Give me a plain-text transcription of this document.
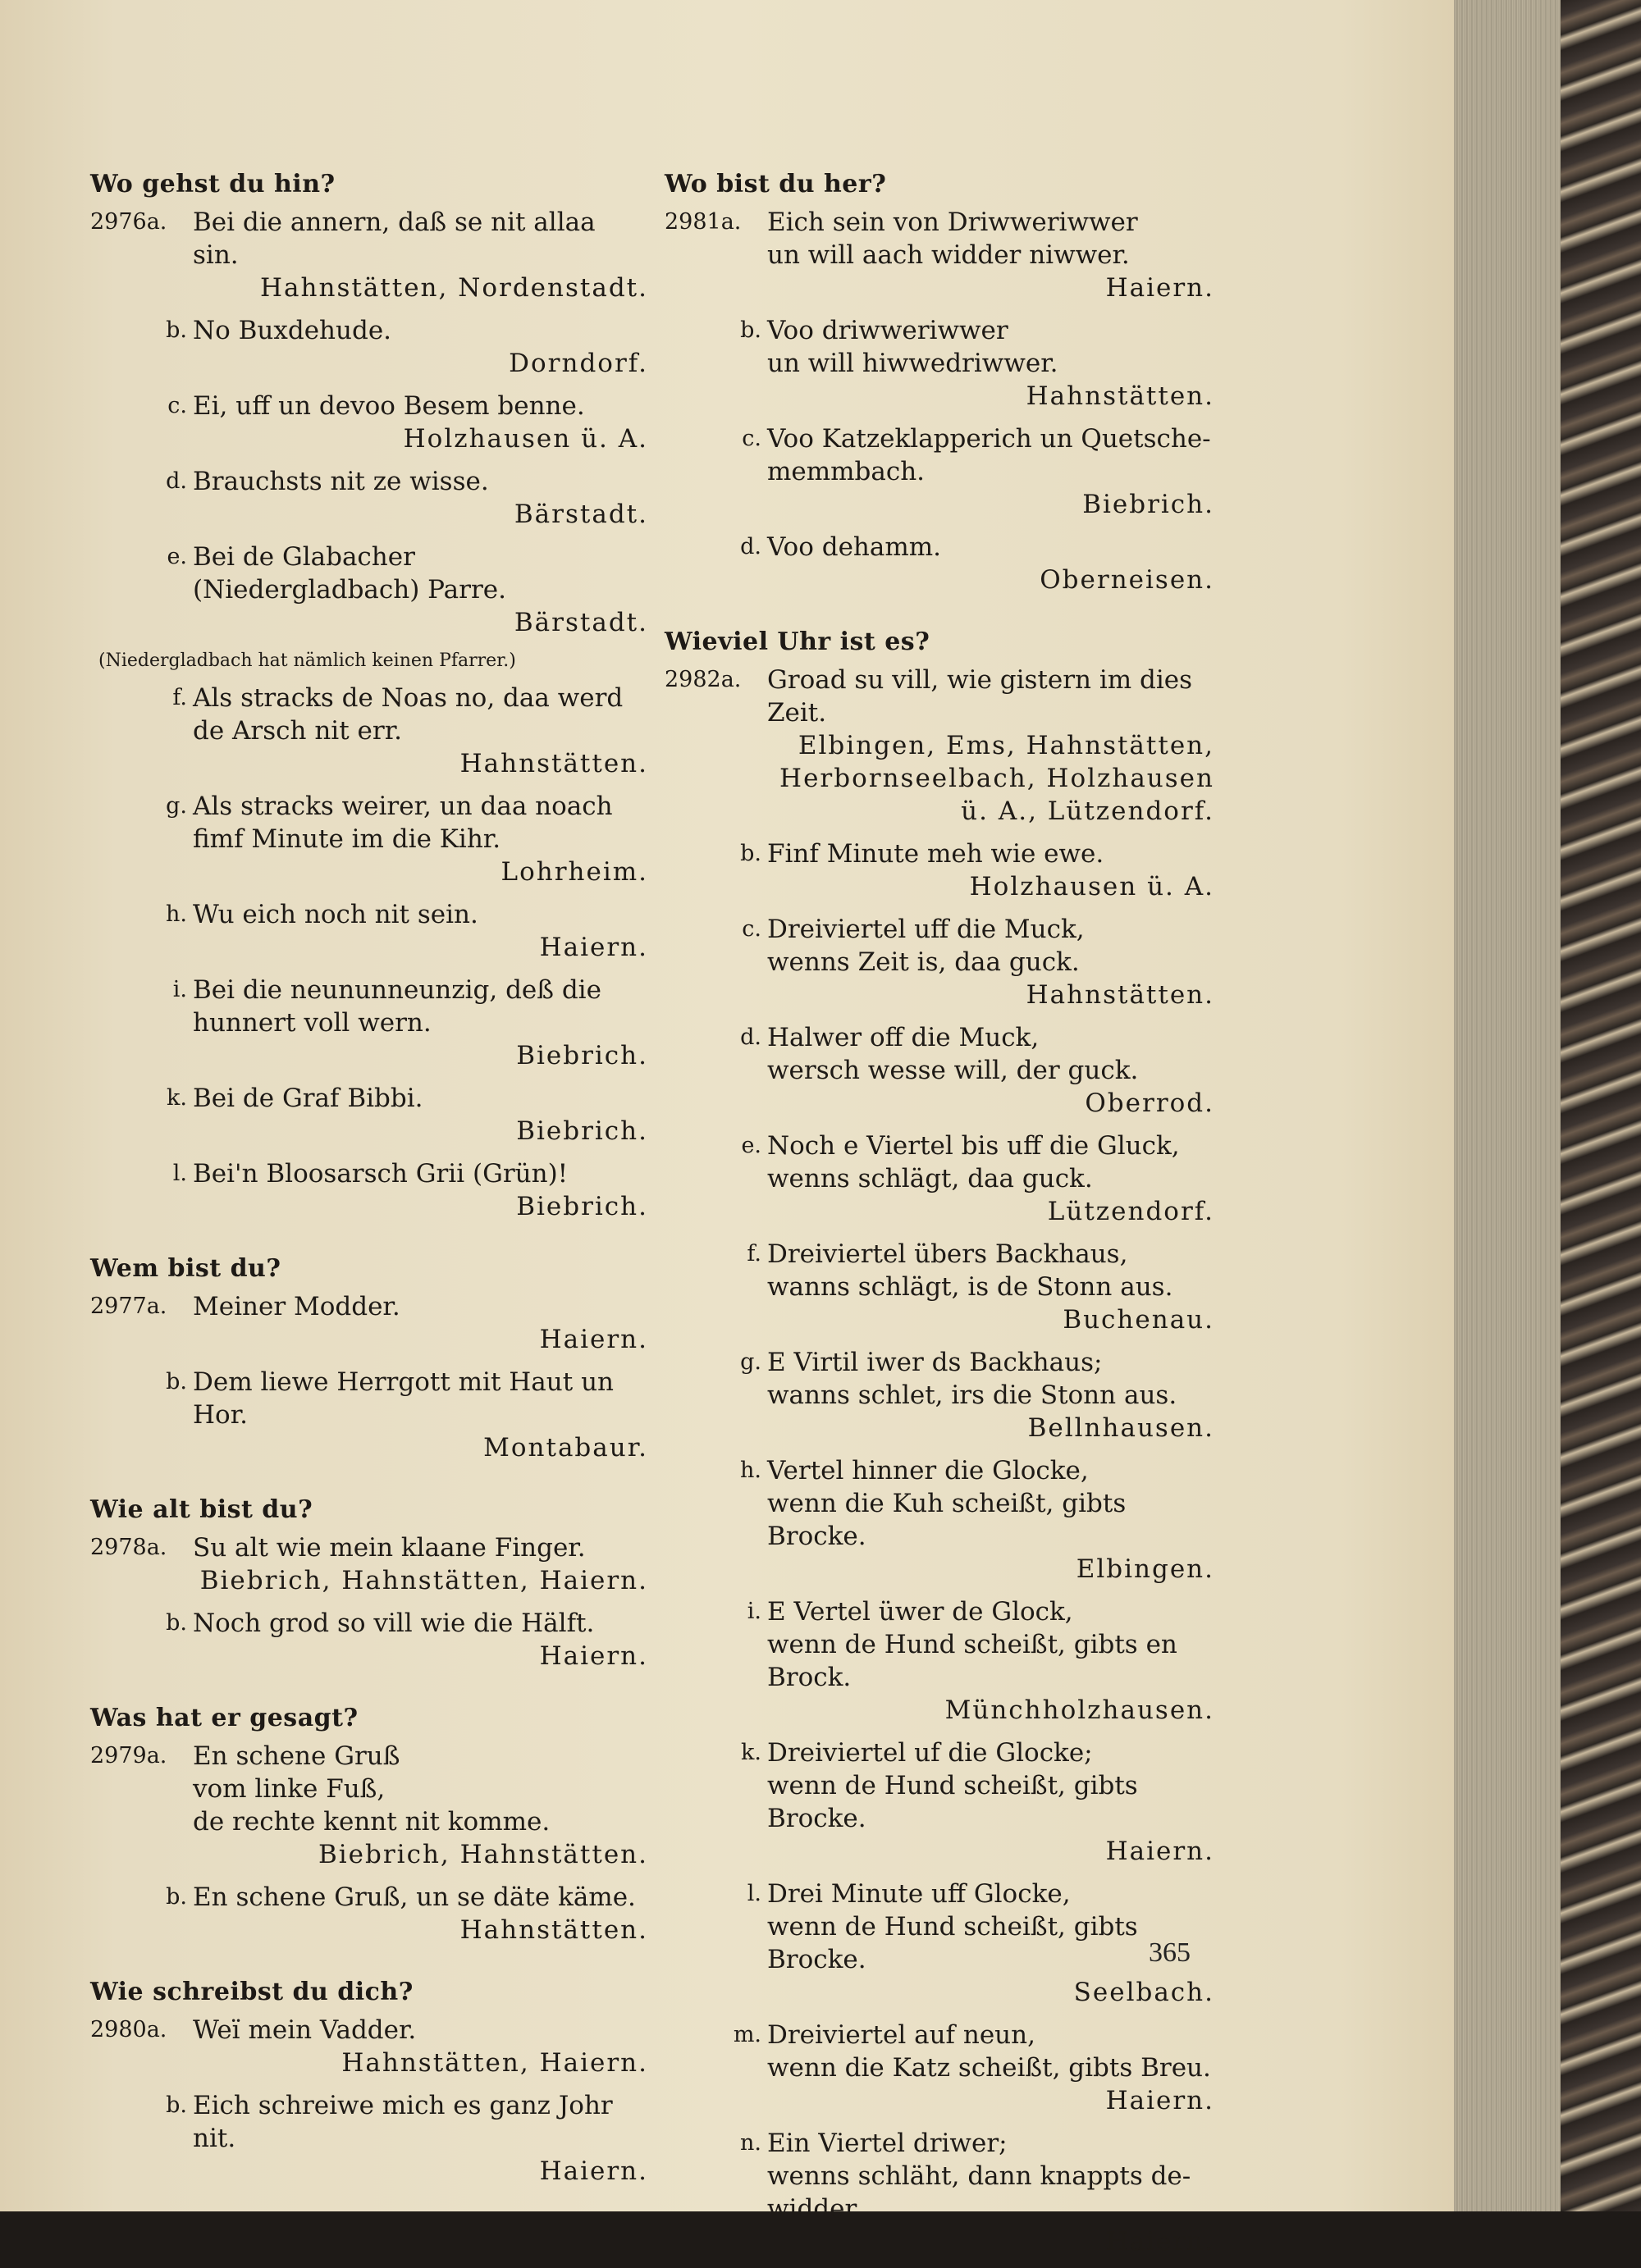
Wo gehst du hin?
2976a.	Bei die annern, daß se nit allaa sin.
Hahnstätten, Nordenstadt.
b. No Buxdehude.
Dorndorf.
c. Ei, uff un devoo Besem benne.
Holzhausen ü. A.
d. Brauchsts nit ze wisse.
Bärstadt.
e. Bei de Glabacher (Niedergladbach) Parre.
Bärstadt.
(Niedergladbach hat nämlich keinen Pfarrer.)
f. Als stracks de Noas no, daa werd de Arsch nit err.
Hahnstätten.
g. Als stracks weirer, un daa noach fimf Minute im die Kihr.
Lohrheim.
h. Wu eich noch nit sein.
Haiern.
i. Bei die neununneunzig, deß die hunnert voll wern.
Biebrich.
k. Bei de Graf Bibbi.
Biebrich.
l. Bei'n Bloosarsch Grii (Grün)!
Biebrich.
Wem bist du?
2977a.	Meiner Modder.
Haiern.
b. Dem liewe Herrgott mit Haut un Hor.
Montabaur.
Wie alt bist du?
2978a.	Su alt wie mein klaane Finger.
Biebrich, Hahnstätten, Haiern.
b. Noch grod so vill wie die Hälft.
Haiern.
Was hat er gesagt?
2979a.	En schene Gruß
vom linke Fuß,
de rechte kennt nit komme.
Biebrich, Hahnstätten.
b. En schene Gruß, un se däte käme.
Hahnstätten.
Wie schreibst du dich?
2980a.	Weï mein Vadder.
Hahnstätten, Haiern.
b. Eich schreiwe mich es ganz Johr nit.
Haiern.
Wo bist du her?
2981a.	Eich sein von Driwweriwwer
un will aach widder niwwer.
Haiern.
b. Voo driwweriwwer
un will hiwwedriwwer.
Hahnstätten.
c. Voo Katzeklapperich un Quetsche-memmbach.
Biebrich.
d. Voo dehamm.
Oberneisen.
Wieviel Uhr ist es?
2982a.	Groad su vill, wie gistern im dies Zeit.
Elbingen, Ems, Hahnstätten, Herbornseelbach, Holzhausen ü. A., Lützendorf.
b. Finf Minute meh wie ewe.
Holzhausen ü. A.
c. Dreiviertel uff die Muck,
wenns Zeit is, daa guck.
Hahnstätten.
d. Halwer off die Muck,
wersch wesse will, der guck.
Oberrod.
e. Noch e Viertel bis uff die Gluck,
wenns schlägt, daa guck.
Lützendorf.
f. Dreiviertel übers Backhaus,
wanns schlägt, is de Stonn aus.
Buchenau.
g. E Virtil iwer ds Backhaus;
wanns schlet, irs die Stonn aus.
Bellnhausen.
h. Vertel hinner die Glocke,
wenn die Kuh scheißt, gibts Brocke.
Elbingen.
i. E Vertel üwer de Glock,
wenn de Hund scheißt, gibts en Brock.
Münchholzhausen.
k. Dreiviertel uf die Glocke;
wenn de Hund scheißt, gibts Brocke.
Haiern.
l. Drei Minute uff Glocke,
wenn de Hund scheißt, gibts Brocke.
Seelbach.
m. Dreiviertel auf neun,
wenn die Katz scheißt, gibts Breu.
Haiern.
n. Ein Viertel driwer;
wenns schläht, dann knappts de-widder.
Haiern.
365
